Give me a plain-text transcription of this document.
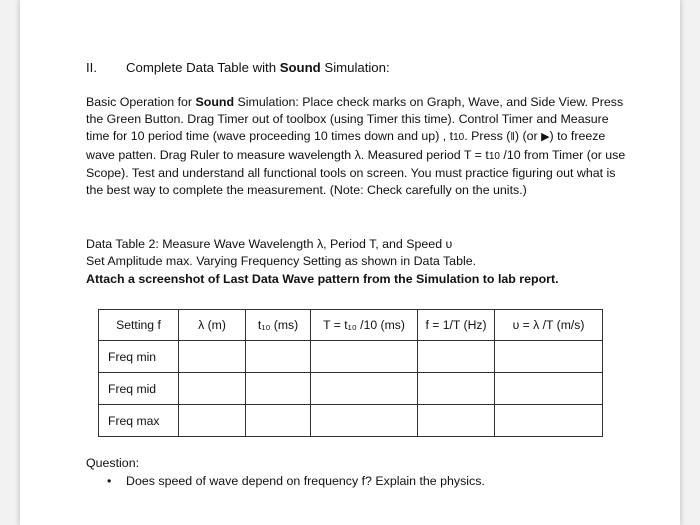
II. Complete Data Table with Sound Simulation:
Basic Operation for Sound Simulation: Place check marks on Graph, Wave, and Side View. Press the Green Button. Drag Timer out of toolbox (using Timer this time). Control Timer and Measure time for 10 period time (wave proceeding 10 times down and up) , t10. Press (‖) (or ▶) to freeze wave patten. Drag Ruler to measure wavelength λ. Measured period T = t10 /10 from Timer (or use Scope). Test and understand all functional tools on screen. You must practice figuring out what is the best way to complete the measurement. (Note: Check carefully on the units.)
Data Table 2: Measure Wave Wavelength λ, Period T, and Speed υ
Set Amplitude max. Varying Frequency Setting as shown in Data Table.
Attach a screenshot of Last Data Wave pattern from the Simulation to lab report.
Setting f	λ (m)	t₁₀ (ms)	T = t₁₀ /10 (ms)	f = 1/T (Hz)	υ = λ /T (m/s)
Freq min					
Freq mid					
Freq max					
Question:
• Does speed of wave depend on frequency f? Explain the physics.
